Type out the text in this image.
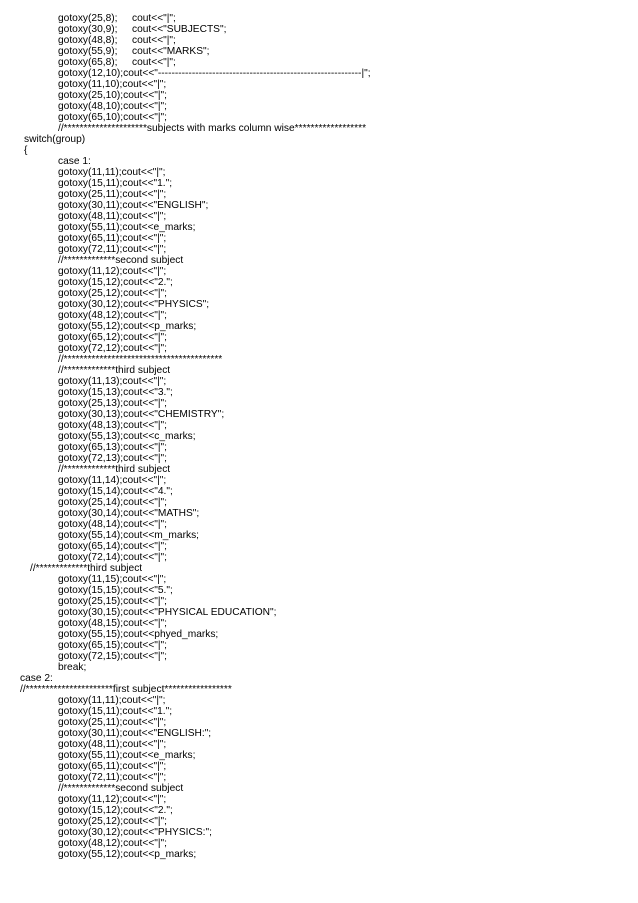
gotoxy(25,8); cout<<"|";
gotoxy(30,9); cout<<"SUBJECTS";
gotoxy(48,8); cout<<"|";
gotoxy(55,9); cout<<"MARKS";
gotoxy(65,8); cout<<"|";
gotoxy(12,10);cout<<"------------------------------------------------------------|";
gotoxy(11,10);cout<<"|";
gotoxy(25,10);cout<<"|";
gotoxy(48,10);cout<<"|";
gotoxy(65,10);cout<<"|";
//*********************subjects with marks column wise******************
switch(group)
{
case 1:
gotoxy(11,11);cout<<"|";
gotoxy(15,11);cout<<"1.";
gotoxy(25,11);cout<<"|";
gotoxy(30,11);cout<<"ENGLISH";
gotoxy(48,11);cout<<"|";
gotoxy(55,11);cout<<e_marks;
gotoxy(65,11);cout<<"|";
gotoxy(72,11);cout<<"|";
//*************second subject
gotoxy(11,12);cout<<"|";
gotoxy(15,12);cout<<"2.";
gotoxy(25,12);cout<<"|";
gotoxy(30,12);cout<<"PHYSICS";
gotoxy(48,12);cout<<"|";
gotoxy(55,12);cout<<p_marks;
gotoxy(65,12);cout<<"|";
gotoxy(72,12);cout<<"|";
//****************************************
//*************third subject
gotoxy(11,13);cout<<"|";
gotoxy(15,13);cout<<"3.";
gotoxy(25,13);cout<<"|";
gotoxy(30,13);cout<<"CHEMISTRY";
gotoxy(48,13);cout<<"|";
gotoxy(55,13);cout<<c_marks;
gotoxy(65,13);cout<<"|";
gotoxy(72,13);cout<<"|";
//*************third subject
gotoxy(11,14);cout<<"|";
gotoxy(15,14);cout<<"4.";
gotoxy(25,14);cout<<"|";
gotoxy(30,14);cout<<"MATHS";
gotoxy(48,14);cout<<"|";
gotoxy(55,14);cout<<m_marks;
gotoxy(65,14);cout<<"|";
gotoxy(72,14);cout<<"|";
//*************third subject
gotoxy(11,15);cout<<"|";
gotoxy(15,15);cout<<"5.";
gotoxy(25,15);cout<<"|";
gotoxy(30,15);cout<<"PHYSICAL EDUCATION";
gotoxy(48,15);cout<<"|";
gotoxy(55,15);cout<<phyed_marks;
gotoxy(65,15);cout<<"|";
gotoxy(72,15);cout<<"|";
break;
case 2:
//**********************first subject*****************
gotoxy(11,11);cout<<"|";
gotoxy(15,11);cout<<"1.";
gotoxy(25,11);cout<<"|";
gotoxy(30,11);cout<<"ENGLISH:";
gotoxy(48,11);cout<<"|";
gotoxy(55,11);cout<<e_marks;
gotoxy(65,11);cout<<"|";
gotoxy(72,11);cout<<"|";
//*************second subject
gotoxy(11,12);cout<<"|";
gotoxy(15,12);cout<<"2.";
gotoxy(25,12);cout<<"|";
gotoxy(30,12);cout<<"PHYSICS:";
gotoxy(48,12);cout<<"|";
gotoxy(55,12);cout<<p_marks;
